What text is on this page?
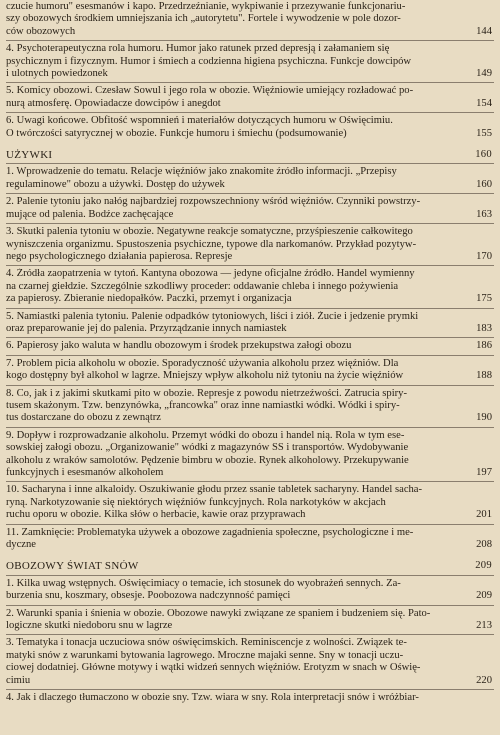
czucie humoru" esesmanów i kapo. Przedrzeźnianie, wykpiwanie i przezywanie funkcjonariu-
szy obozowych środkiem umniejszania ich „autorytetu". Fortele i wywodzenie w pole dozor-
ców obozowych	144
4. Psychoterapeutyczna rola humoru. Humor jako ratunek przed depresją i załamaniem się
psychicznym i fizycznym. Humor i śmiech a codzienna higiena psychiczna. Funkcje dowcipów
i ulotnych powiedzonek	149
5. Komicy obozowi. Czesław Sowul i jego rola w obozie. Więźniowie umiejący rozładować po-
nurą atmosferę. Opowiadacze dowcipów i anegdot	154
6. Uwagi końcowe. Obfitość wspomnień i materiałów dotyczących humoru w Oświęcimiu.
O twórczości satyrycznej w obozie. Funkcje humoru i śmiechu (podsumowanie)	155
UŻYWKI	160
1. Wprowadzenie do tematu. Relacje więźniów jako znakomite źródło informacji. „Przepisy
regulaminowe" obozu a używki. Dostęp do używek	160
2. Palenie tytoniu jako nałóg najbardziej rozpowszechniony wśród więźniów. Czynniki powstrzy-
mujące od palenia. Bodźce zachęcające	163
3. Skutki palenia tytoniu w obozie. Negatywne reakcje somatyczne, przyśpieszenie całkowitego
wyniszczenia organizmu. Spustoszenia psychiczne, typowe dla narkomanów. Przykład pozytyw-
nego psychologicznego działania papierosa. Represje	170
4. Źródła zaopatrzenia w tytoń. Kantyna obozowa — jedyne oficjalne źródło. Handel wymienny
na czarnej giełdzie. Szczególnie szkodliwy proceder: oddawanie chleba i innego pożywienia
za papierosy. Zbieranie niedopałków. Paczki, przemyt i organizacja	175
5. Namiastki palenia tytoniu. Palenie odpadków tytoniowych, liści i ziół. Żucie i jedzenie prymki
oraz preparowanie jej do palenia. Przyrządzanie innych namiastek	183
6. Papierosy jako waluta w handlu obozowym i środek przekupstwa załogi obozu	186
7. Problem picia alkoholu w obozie. Sporadyczność używania alkoholu przez więźniów. Dla
kogo dostępny był alkohol w lagrze. Mniejszy wpływ alkoholu niż tytoniu na życie więźniów	188
8. Co, jak i z jakimi skutkami pito w obozie. Represje z powodu nietrzeźwości. Zatrucia spiry-
tusem skażonym. Tzw. benzynówka, „francowka" oraz inne namiastki wódki. Wódki i spiry-
tus dostarczane do obozu z zewnątrz	190
9. Dopływ i rozprowadzanie alkoholu. Przemyt wódki do obozu i handel nią. Rola w tym ese-
sowskiej załogi obozu. „Organizowanie" wódki z magazynów SS i transportów. Wydobywanie
alkoholu z wraków samolotów. Pędzenie bimbru w obozie. Rynek alkoholowy. Przekupywanie
funkcyjnych i esesmanów alkoholem	197
10. Sacharyna i inne alkaloidy. Oszukiwanie głodu przez ssanie tabletek sacharyny. Handel sacha-
ryną. Narkotyzowanie się niektórych więźniów funkcyjnych. Rola narkotyków w akcjach
ruchu oporu w obozie. Kilka słów o herbacie, kawie oraz przyprawach	201
11. Zamknięcie: Problematyka używek a obozowe zagadnienia społeczne, psychologiczne i me-
dyczne	208
OBOZOWY ŚWIAT SNÓW	209
1. Kilka uwag wstępnych. Oświęcimiacy o temacie, ich stosunek do wyobrażeń sennych. Za-
burzenia snu, koszmary, obsesje. Poobozowa nadczynność pamięci	209
2. Warunki spania i śnienia w obozie. Obozowe nawyki związane ze spaniem i budzeniem się. Pato-
logiczne skutki niedoboru snu w lagrze	213
3. Tematyka i tonacja uczuciowa snów oświęcimskich. Reminiscencje z wolności. Związek te-
matyki snów z warunkami bytowania lagrowego. Mroczne majaki senne. Sny w tonacji uczu-
ciowej dodatniej. Główne motywy i wątki widzeń sennych więźniów. Erotyzm w snach w Oświę-
cimiu	220
4. Jak i dlaczego tłumaczono w obozie sny. Tzw. wiara w sny. Rola interpretacji snów i wróżbiar-
